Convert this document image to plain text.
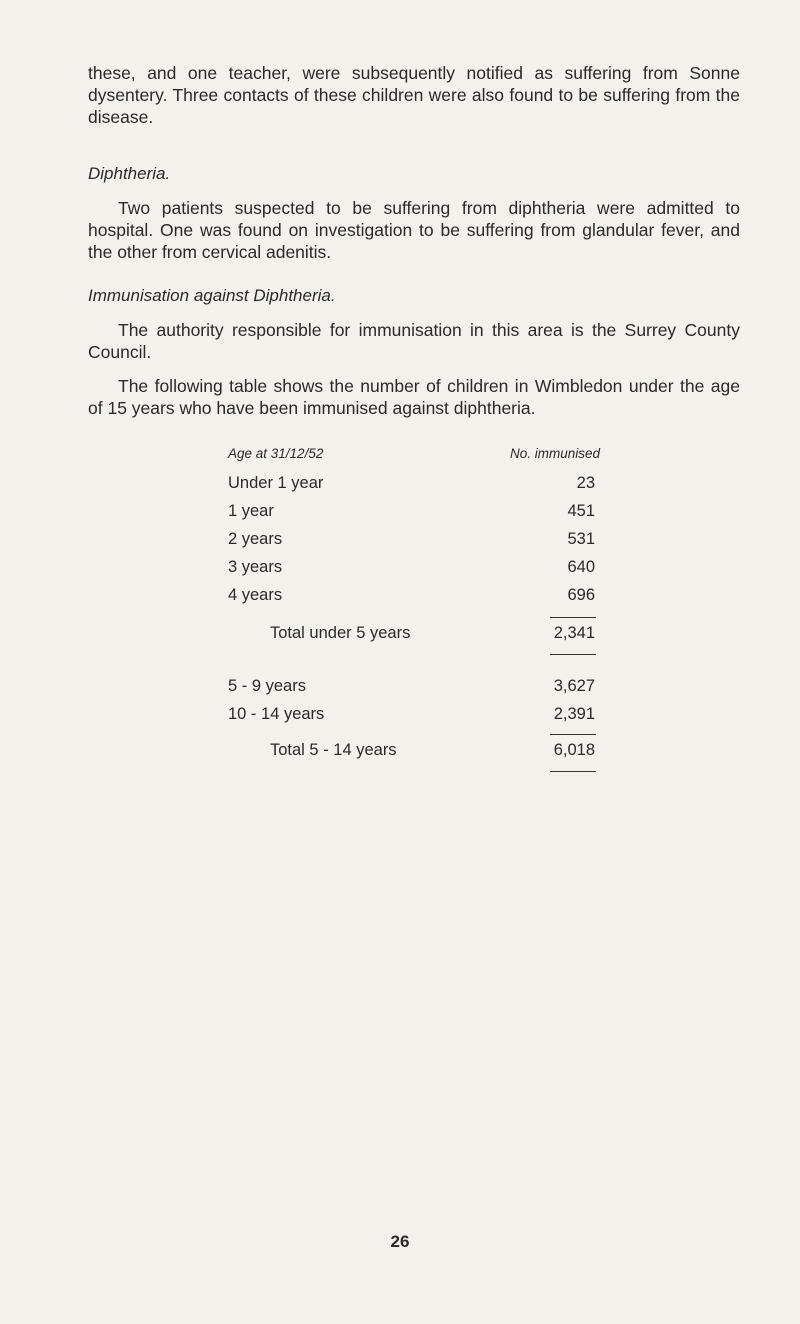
these, and one teacher, were subsequently notified as suffering from Sonne dysentery. Three contacts of these children were also found to be suffering from the disease.

Diphtheria.

Two patients suspected to be suffering from diphtheria were admitted to hospital. One was found on investigation to be suffering from glandular fever, and the other from cervical adenitis.

Immunisation against Diphtheria.

The authority responsible for immunisation in this area is the Surrey County Council.

The following table shows the number of children in Wimbledon under the age of 15 years who have been immunised against diphtheria.

Age at 31/12/52	No. immunised

Under 1 year	23

1 year	451

2 years	531

3 years	640

4 years	696

Total under 5 years	2,341

5 - 9 years	3,627

10 - 14 years	2,391

Total 5 - 14 years	6,018

26
